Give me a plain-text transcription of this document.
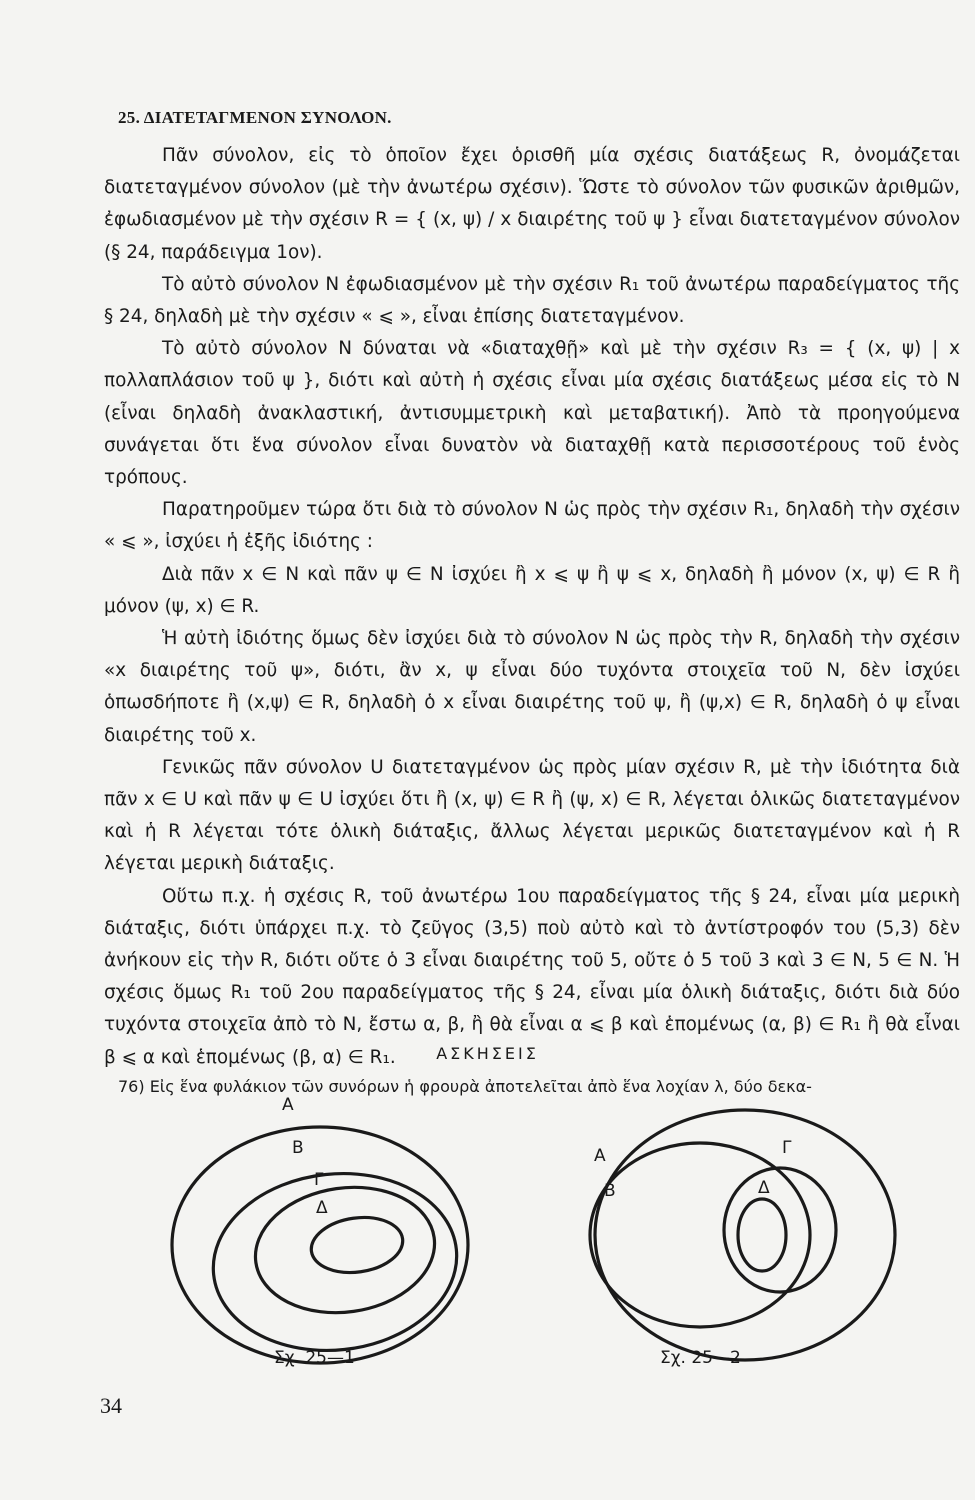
25. ΔΙΑΤΕΤΑΓΜΕΝΟΝ ΣΥΝΟΛΟΝ.

Πᾶν σύνολον, εἰς τὸ ὁποῖον ἔχει ὁρισθῆ μία σχέσις διατάξεως R, ὀνομάζεται διατεταγμένον σύνολον (μὲ τὴν ἀνωτέρω σχέσιν). Ὥστε τὸ σύνολον τῶν φυσικῶν ἀριθμῶν, ἐφωδιασμένον μὲ τὴν σχέσιν R = { (x, ψ) / x διαιρέτης τοῦ ψ } εἶναι διατεταγμένον σύνολον (§ 24, παράδειγμα 1ον).

Τὸ αὐτὸ σύνολον N ἐφωδιασμένον μὲ τὴν σχέσιν R₁ τοῦ ἀνωτέρω παραδείγματος τῆς § 24, δηλαδὴ μὲ τὴν σχέσιν « ⩽ », εἶναι ἐπίσης διατεταγμένον.

Τὸ αὐτὸ σύνολον N δύναται νὰ «διαταχθῇ» καὶ μὲ τὴν σχέσιν R₃ = { (x, ψ) | x πολλαπλάσιον τοῦ ψ }, διότι καὶ αὐτὴ ἡ σχέσις εἶναι μία σχέσις διατάξεως μέσα εἰς τὸ N (εἶναι δηλαδὴ ἀνακλαστική, ἀντισυμμετρικὴ καὶ μεταβατική). Ἀπὸ τὰ προηγούμενα συνάγεται ὅτι ἕνα σύνολον εἶναι δυνατὸν νὰ διαταχθῇ κατὰ περισσοτέρους τοῦ ἑνὸς τρόπους.

Παρατηροῦμεν τώρα ὅτι διὰ τὸ σύνολον N ὡς πρὸς τὴν σχέσιν R₁, δηλαδὴ τὴν σχέσιν « ⩽ », ἰσχύει ἡ ἑξῆς ἰδιότης :

Διὰ πᾶν x ∈ N καὶ πᾶν ψ ∈ N ἰσχύει ἢ x ⩽ ψ ἢ ψ ⩽ x, δηλαδὴ ἢ μόνον (x, ψ) ∈ R ἢ μόνον (ψ, x) ∈ R.

Ἡ αὐτὴ ἰδιότης ὅμως δὲν ἰσχύει διὰ τὸ σύνολον N ὡς πρὸς τὴν R, δηλαδὴ τὴν σχέσιν «x διαιρέτης τοῦ ψ», διότι, ἂν x, ψ εἶναι δύο τυχόντα στοιχεῖα τοῦ N, δὲν ἰσχύει ὁπωσδήποτε ἢ (x,ψ) ∈ R, δηλαδὴ ὁ x εἶναι διαιρέτης τοῦ ψ, ἢ (ψ,x) ∈ R, δηλαδὴ ὁ ψ εἶναι διαιρέτης τοῦ x.

Γενικῶς πᾶν σύνολον U διατεταγμένον ὡς πρὸς μίαν σχέσιν R, μὲ τὴν ἰδιότητα διὰ πᾶν x ∈ U καὶ πᾶν ψ ∈ U ἰσχύει ὅτι ἢ (x, ψ) ∈ R ἢ (ψ, x) ∈ R, λέγεται ὁλικῶς διατεταγμένον καὶ ἡ R λέγεται τότε ὁλικὴ διάταξις, ἄλλως λέγεται μερικῶς διατεταγμένον καὶ ἡ R λέγεται μερικὴ διάταξις.

Οὕτω π.χ. ἡ σχέσις R, τοῦ ἀνωτέρω 1ου παραδείγματος τῆς § 24, εἶναι μία μερικὴ διάταξις, διότι ὑπάρχει π.χ. τὸ ζεῦγος (3,5) ποὺ αὐτὸ καὶ τὸ ἀντίστροφόν του (5,3) δὲν ἀνήκουν εἰς τὴν R, διότι οὔτε ὁ 3 εἶναι διαιρέτης τοῦ 5, οὔτε ὁ 5 τοῦ 3 καὶ 3 ∈ N, 5 ∈ N. Ἡ σχέσις ὅμως R₁ τοῦ 2ου παραδείγματος τῆς § 24, εἶναι μία ὁλικὴ διάταξις, διότι διὰ δύο τυχόντα στοιχεῖα ἀπὸ τὸ N, ἔστω α, β, ἢ θὰ εἶναι α ⩽ β καὶ ἑπομένως (α, β) ∈ R₁ ἢ θὰ εἶναι β ⩽ α καὶ ἑπομένως (β, α) ∈ R₁.	ΑΣΚΗΣΕΙΣ
76) Εἰς ἕνα φυλάκιον τῶν συνόρων ἡ φρουρὰ ἀποτελεῖται ἀπὸ ἕνα λοχίαν λ, δύο δεκα-
A
B
Γ
Δ
A
B
Γ
Δ
Σχ. 25—1	Σχ. 25—2
34
